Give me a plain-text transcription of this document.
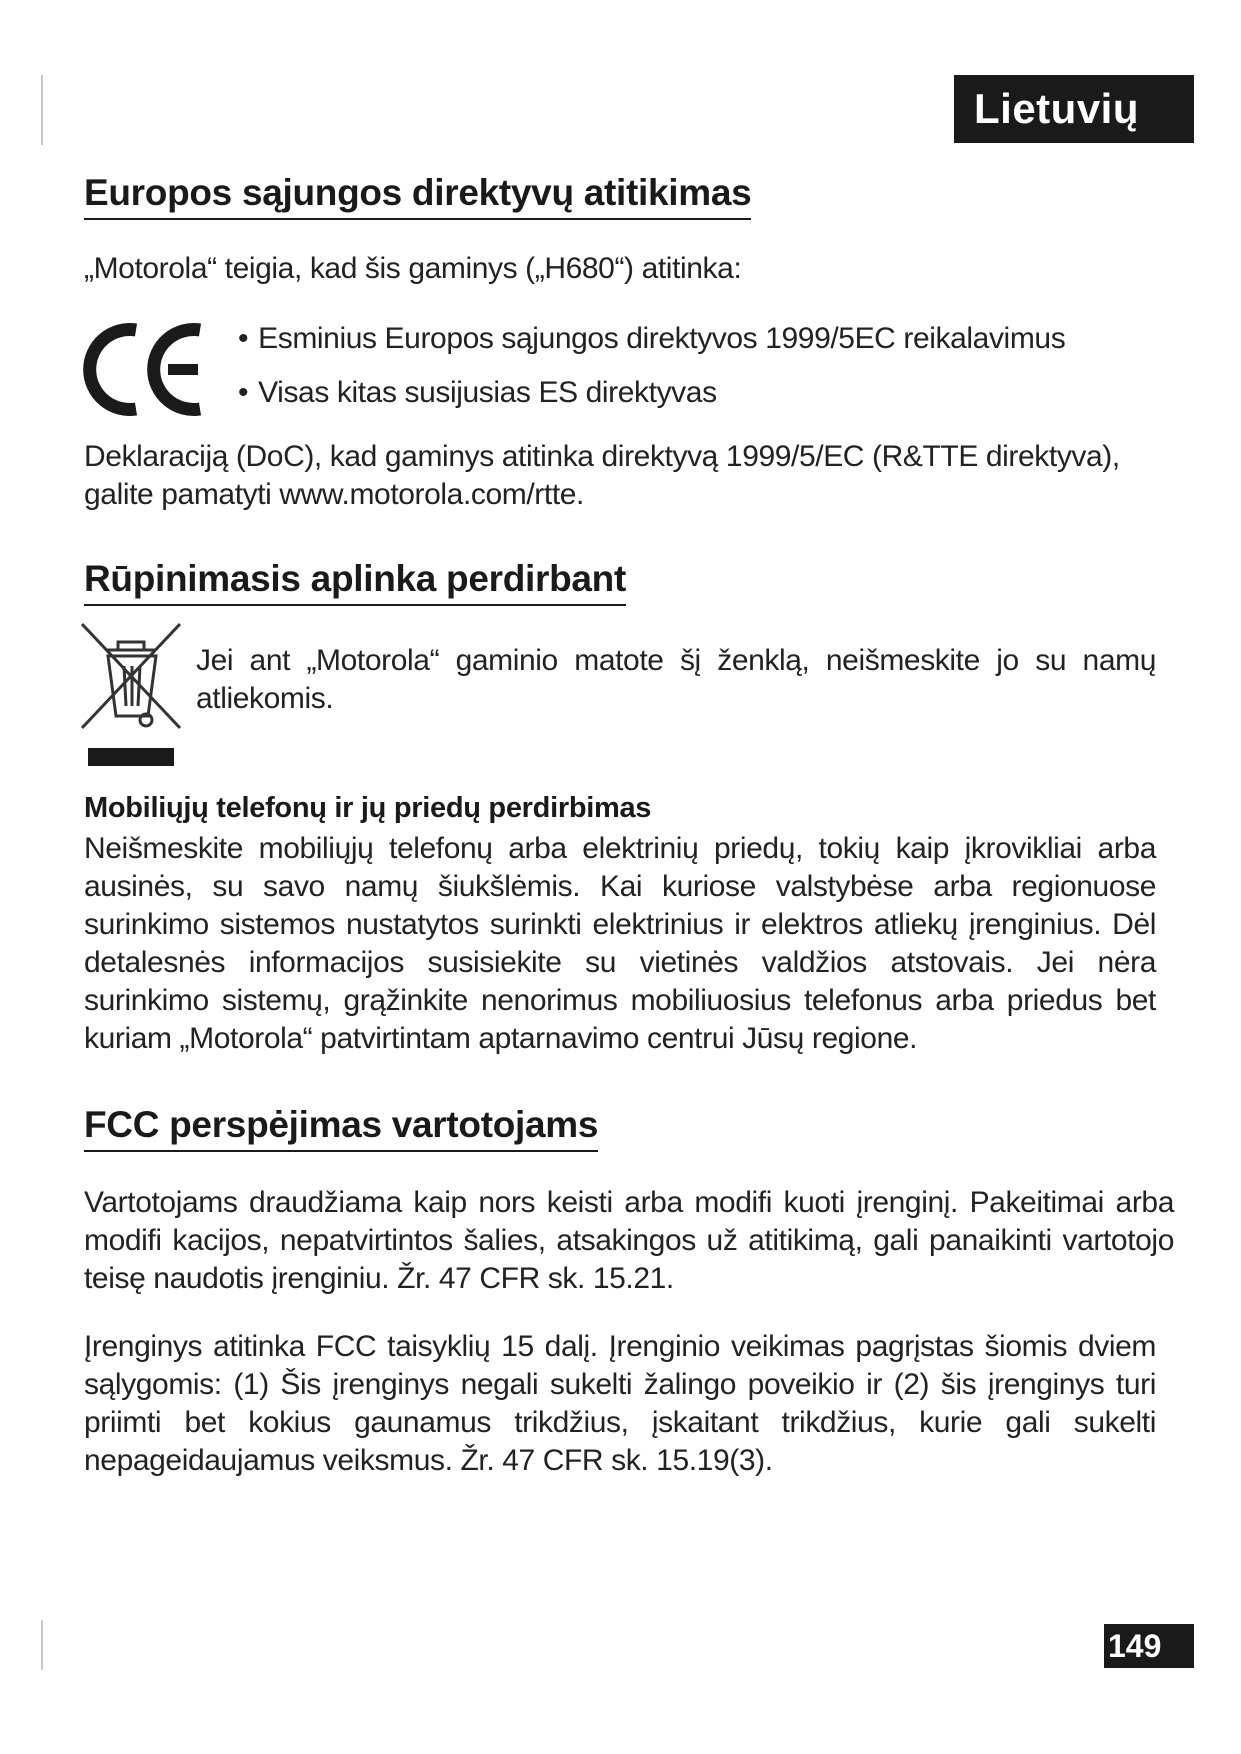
Lietuvių
Europos sąjungos direktyvų atitikimas

„Motorola“ teigia, kad šis gaminys („H680“) atitinka:

• Esminius Europos sąjungos direktyvos 1999/5EC reikalavimus
• Visas kitas susijusias ES direktyvas

Deklaraciją (DoC), kad gaminys atitinka direktyvą 1999/5/EC (R&TTE direktyva), galite pamatyti www.motorola.com/rtte.

Rūpinimasis aplinka perdirbant

Jei ant „Motorola“ gaminio matote šį ženklą, neišmeskite jo su namų atliekomis.

Mobiliųjų telefonų ir jų priedų perdirbimas

Neišmeskite mobiliųjų telefonų arba elektrinių priedų, tokių kaip įkrovikliai arba ausinės, su savo namų šiukšlėmis. Kai kuriose valstybėse arba regionuose surinkimo sistemos nustatytos surinkti elektrinius ir elektros atliekų įrenginius. Dėl detalesnės informacijos susisiekite su vietinės valdžios atstovais. Jei nėra surinkimo sistemų, grąžinkite nenorimus mobiliuosius telefonus arba priedus bet kuriam „Motorola“ patvirtintam aptarnavimo centrui Jūsų regione.

FCC perspėjimas vartotojams

Vartotojams draudžiama kaip nors keisti arba modifi kuoti įrenginį. Pakeitimai arba modifi kacijos, nepatvirtintos šalies, atsakingos už atitikimą, gali panaikinti vartotojo teisę naudotis įrenginiu. Žr. 47 CFR sk. 15.21.

Įrenginys atitinka FCC taisyklių 15 dalį. Įrenginio veikimas pagrįstas šiomis dviem sąlygomis: (1) Šis įrenginys negali sukelti žalingo poveikio ir (2) šis įrenginys turi priimti bet kokius gaunamus trikdžius, įskaitant trikdžius, kurie gali sukelti nepageidaujamus veiksmus. Žr. 47 CFR sk. 15.19(3).

149
